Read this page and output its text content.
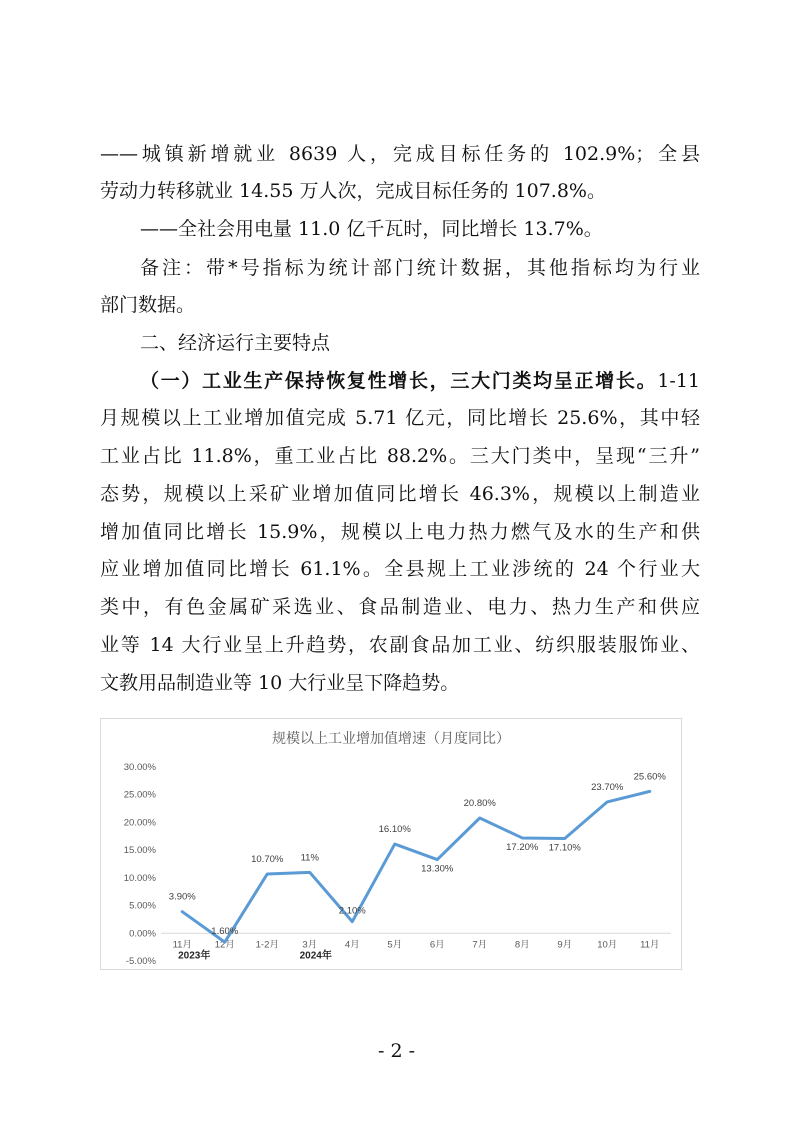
——城镇新增就业 8639 人，完成目标任务的 102.9%；全县

劳动力转移就业 14.55 万人次，完成目标任务的 107.8%。

——全社会用电量 11.0 亿千瓦时，同比增长 13.7%。

备注：带*号指标为统计部门统计数据，其他指标均为行业

部门数据。

二、经济运行主要特点

（一）工业生产保持恢复性增长，三大门类均呈正增长。1-11

月规模以上工业增加值完成 5.71 亿元，同比增长 25.6%，其中轻

工业占比 11.8%，重工业占比 88.2%。三大门类中，呈现“三升”

态势，规模以上采矿业增加值同比增长 46.3%，规模以上制造业

增加值同比增长 15.9%，规模以上电力热力燃气及水的生产和供

应业增加值同比增长 61.1%。全县规上工业涉统的 24 个行业大

类中，有色金属矿采选业、食品制造业、电力、热力生产和供应

业等 14 大行业呈上升趋势，农副食品加工业、纺织服装服饰业、

文教用品制造业等 10 大行业呈下降趋势。

规模以上工业增加值增速（月度同比）
30.00%
25.00%
20.00%
15.00%
10.00%
5.00%
0.00%
-5.00%
11月 12月 1-2月 3月	4月	5月	6月	7月	8月	9月	10月 11月
2023年	2024年
3.90%
1.60%
10.70% 11%
2.10%
16.10%
13.30%
20.80%
17.20% 17.10%
23.70%
25.60%
- 2 -
